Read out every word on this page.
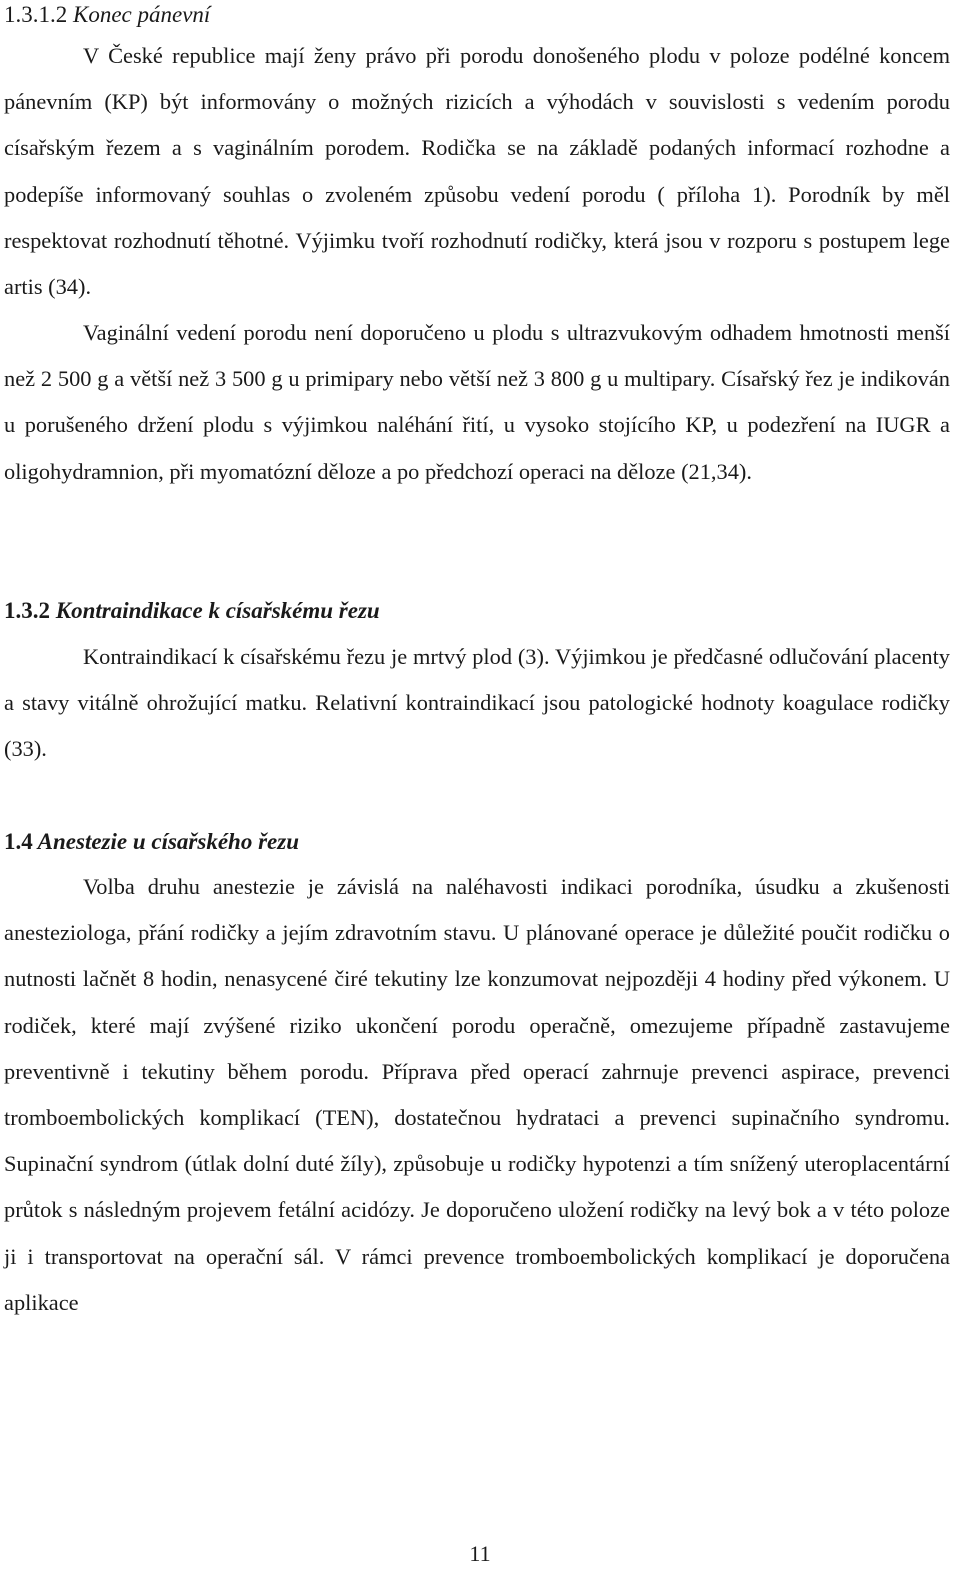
1.3.1.2 Konec pánevní

V České republice mají ženy právo při porodu donošeného plodu v poloze podélné koncem pánevním (KP) být informovány o možných rizicích a výhodách v souvislosti s vedením porodu císařským řezem a s vaginálním porodem. Rodička se na základě podaných informací rozhodne a podepíše informovaný souhlas o zvoleném způsobu vedení porodu ( příloha 1). Porodník by měl respektovat rozhodnutí těhotné. Výjimku tvoří rozhodnutí rodičky, která jsou v rozporu s postupem lege artis (34).

Vaginální vedení porodu není doporučeno u plodu s ultrazvukovým odhadem hmotnosti menší než 2 500 g a větší než 3 500 g u primipary nebo větší než 3 800 g u multipary. Císařský řez je indikován u porušeného držení plodu s výjimkou naléhání řití, u vysoko stojícího KP, u podezření na IUGR a oligohydramnion, při myomatózní děloze a po předchozí operaci na děloze (21,34).

1.3.2 Kontraindikace k císařskému řezu

Kontraindikací k císařskému řezu je mrtvý plod (3). Výjimkou je předčasné odlučování placenty a stavy vitálně ohrožující matku. Relativní kontraindikací jsou patologické hodnoty koagulace rodičky (33).

1.4 Anestezie u císařského řezu

Volba druhu anestezie je závislá na naléhavosti indikaci porodníka, úsudku a zkušenosti anesteziologa, přání rodičky a jejím zdravotním stavu. U plánované operace je důležité poučit rodičku o nutnosti lačnět 8 hodin, nenasycené čiré tekutiny lze konzumovat nejpozději 4 hodiny před výkonem. U rodiček, které mají zvýšené riziko ukončení porodu operačně, omezujeme případně zastavujeme preventivně i tekutiny během porodu. Příprava před operací zahrnuje prevenci aspirace, prevenci tromboembolických komplikací (TEN), dostatečnou hydrataci a prevenci supinačního syndromu. Supinační syndrom (útlak dolní duté žíly), způsobuje u rodičky hypotenzi a tím snížený uteroplacentární průtok s následným projevem fetální acidózy. Je doporučeno uložení rodičky na levý bok a v této poloze ji i transportovat na operační sál. V rámci prevence tromboembolických komplikací je doporučena aplikace

11
